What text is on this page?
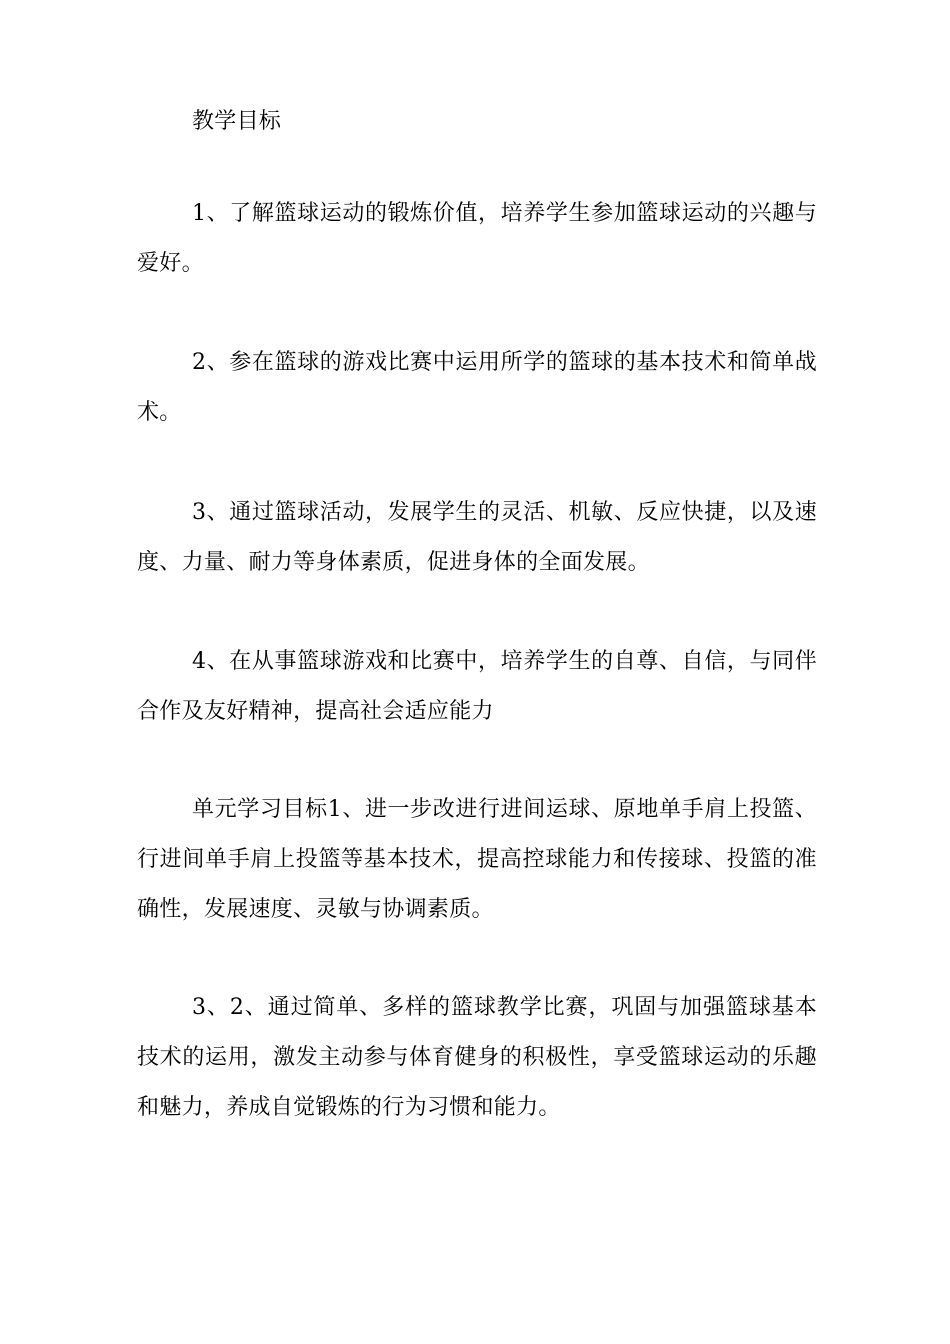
教学目标

1、了解篮球运动的锻炼价值，培养学生参加篮球运动的兴趣与爱好。

2、参在篮球的游戏比赛中运用所学的篮球的基本技术和简单战术。

3、通过篮球活动，发展学生的灵活、机敏、反应快捷，以及速度、力量、耐力等身体素质，促进身体的全面发展。

4、在从事篮球游戏和比赛中，培养学生的自尊、自信，与同伴合作及友好精神，提高社会适应能力

单元学习目标1、进一步改进行进间运球、原地单手肩上投篮、行进间单手肩上投篮等基本技术，提高控球能力和传接球、投篮的准确性，发展速度、灵敏与协调素质。

3、2、通过简单、多样的篮球教学比赛，巩固与加强篮球基本技术的运用，激发主动参与体育健身的积极性，享受篮球运动的乐趣和魅力，养成自觉锻炼的行为习惯和能力。
